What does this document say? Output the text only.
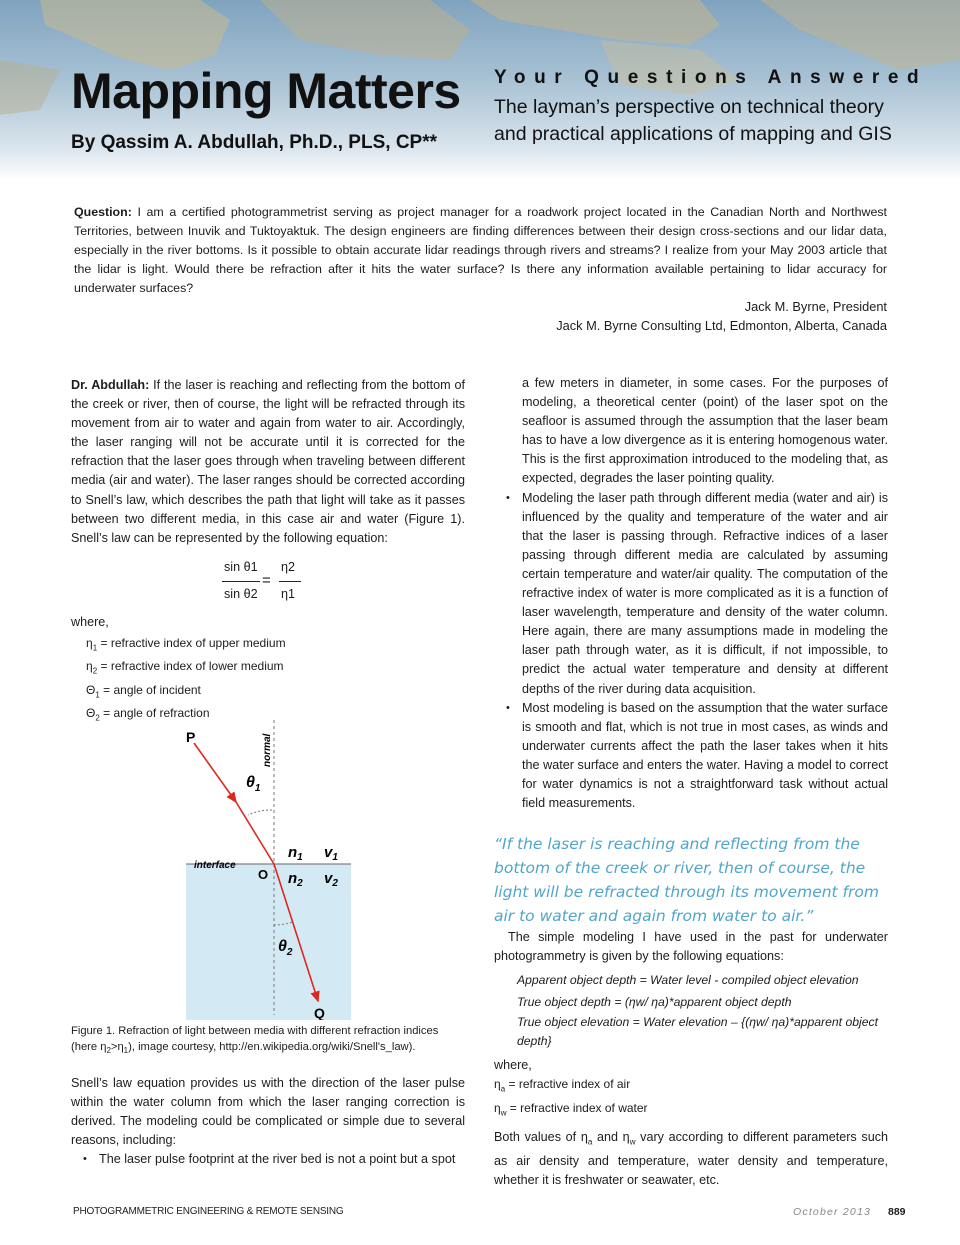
Mapping Matters
By Qassim A. Abdullah, Ph.D., PLS, CP**
Your Questions Answered
The layman’s perspective on technical theory and practical applications of mapping and GIS
Question: I am a certified photogrammetrist serving as project manager for a roadwork project located in the Canadian North and Northwest Territories, between Inuvik and Tuktoyaktuk. The design engineers are finding differences between their design cross-sections and our lidar data, especially in the river bottoms. Is it possible to obtain accurate lidar readings through rivers and streams? I realize from your May 2003 article that the lidar is light. Would there be refraction after it hits the water surface? Is there any information available pertaining to lidar accuracy for underwater surfaces?
Jack M. Byrne, President
Jack M. Byrne Consulting Ltd, Edmonton, Alberta, Canada

Dr. Abdullah: If the laser is reaching and reflecting from the bottom of the creek or river, then of course, the light will be refracted through its movement from air to water and again from water to air. Accordingly, the laser ranging will not be accurate until it is corrected for the refraction that the laser goes through when traveling between different media (air and water). The laser ranges should be corrected according to Snell’s law, which describes the path that light will take as it passes between two different media, in this case air and water (Figure 1). Snell’s law can be represented by the following equation:

sin θ1
sin θ2
=
η2
η1
where,
$\eta_1$ = refractive index of upper medium
$\eta_2$ = refractive index of lower medium
$\Theta_1$ = angle of incident
$\Theta_2$ = angle of refraction
P
Q
O
interface
normal
$\theta_1$
$\theta_2$
$n_1$
$n_2$
$v_1$
$v_2$
Figure 1. Refraction of light between media with different refraction indices
(here $\eta_2>\eta_1$), image courtesy, http://en.wikipedia.org/wiki/Snell's_law).

Snell’s law equation provides us with the direction of the laser pulse within the water column from which the laser ranging correction is derived. The modeling could be complicated or simple due to several reasons, including:

• The laser pulse footprint at the river bed is not a point but a spot

a few meters in diameter, in some cases. For the purposes of modeling, a theoretical center (point) of the laser spot on the seafloor is assumed through the assumption that the laser beam has to have a low divergence as it is entering homogenous water. This is the first approximation introduced to the modeling that, as expected, degrades the laser pointing quality.

• Modeling the laser path through different media (water and air) is influenced by the quality and temperature of the water and air that the laser is passing through. Refractive indices of a laser passing through different media are calculated by assuming certain temperature and water/air quality. The computation of the refractive index of water is more complicated as it is a function of laser wavelength, temperature and density of the water column. Here again, there are many assumptions made in modeling the laser path through water, as it is difficult, if not impossible, to predict the actual water temperature and density at different depths of the river during data acquisition.
• Most modeling is based on the assumption that the water surface is smooth and flat, which is not true in most cases, as winds and underwater currents affect the path the laser takes when it hits the water surface and enters the water. Having a model to correct for water dynamics is not a straightforward task without actual field measurements.
“If the laser is reaching and reflecting from the bottom of the creek or river, then of course, the light will be refracted through its movement from air to water and again from water to air.”

The simple modeling I have used in the past for underwater photogrammetry is given by the following equations:

Apparent object depth = Water level - compiled object elevation
True object depth = (ηw/ ηa)*apparent object depth
True object elevation = Water elevation – {(ηw/ ηa)*apparent object depth}
where,
$\eta_a$ = refractive index of air
$\eta_w$ = refractive index of water
Both values of $\eta_a$ and $\eta_w$ vary according to different parameters such as air density and temperature, water density and temperature, whether it is freshwater or seawater, etc.
PHOTOGRAMMETRIC ENGINEERING & REMOTE SENSING	October 2013 889
